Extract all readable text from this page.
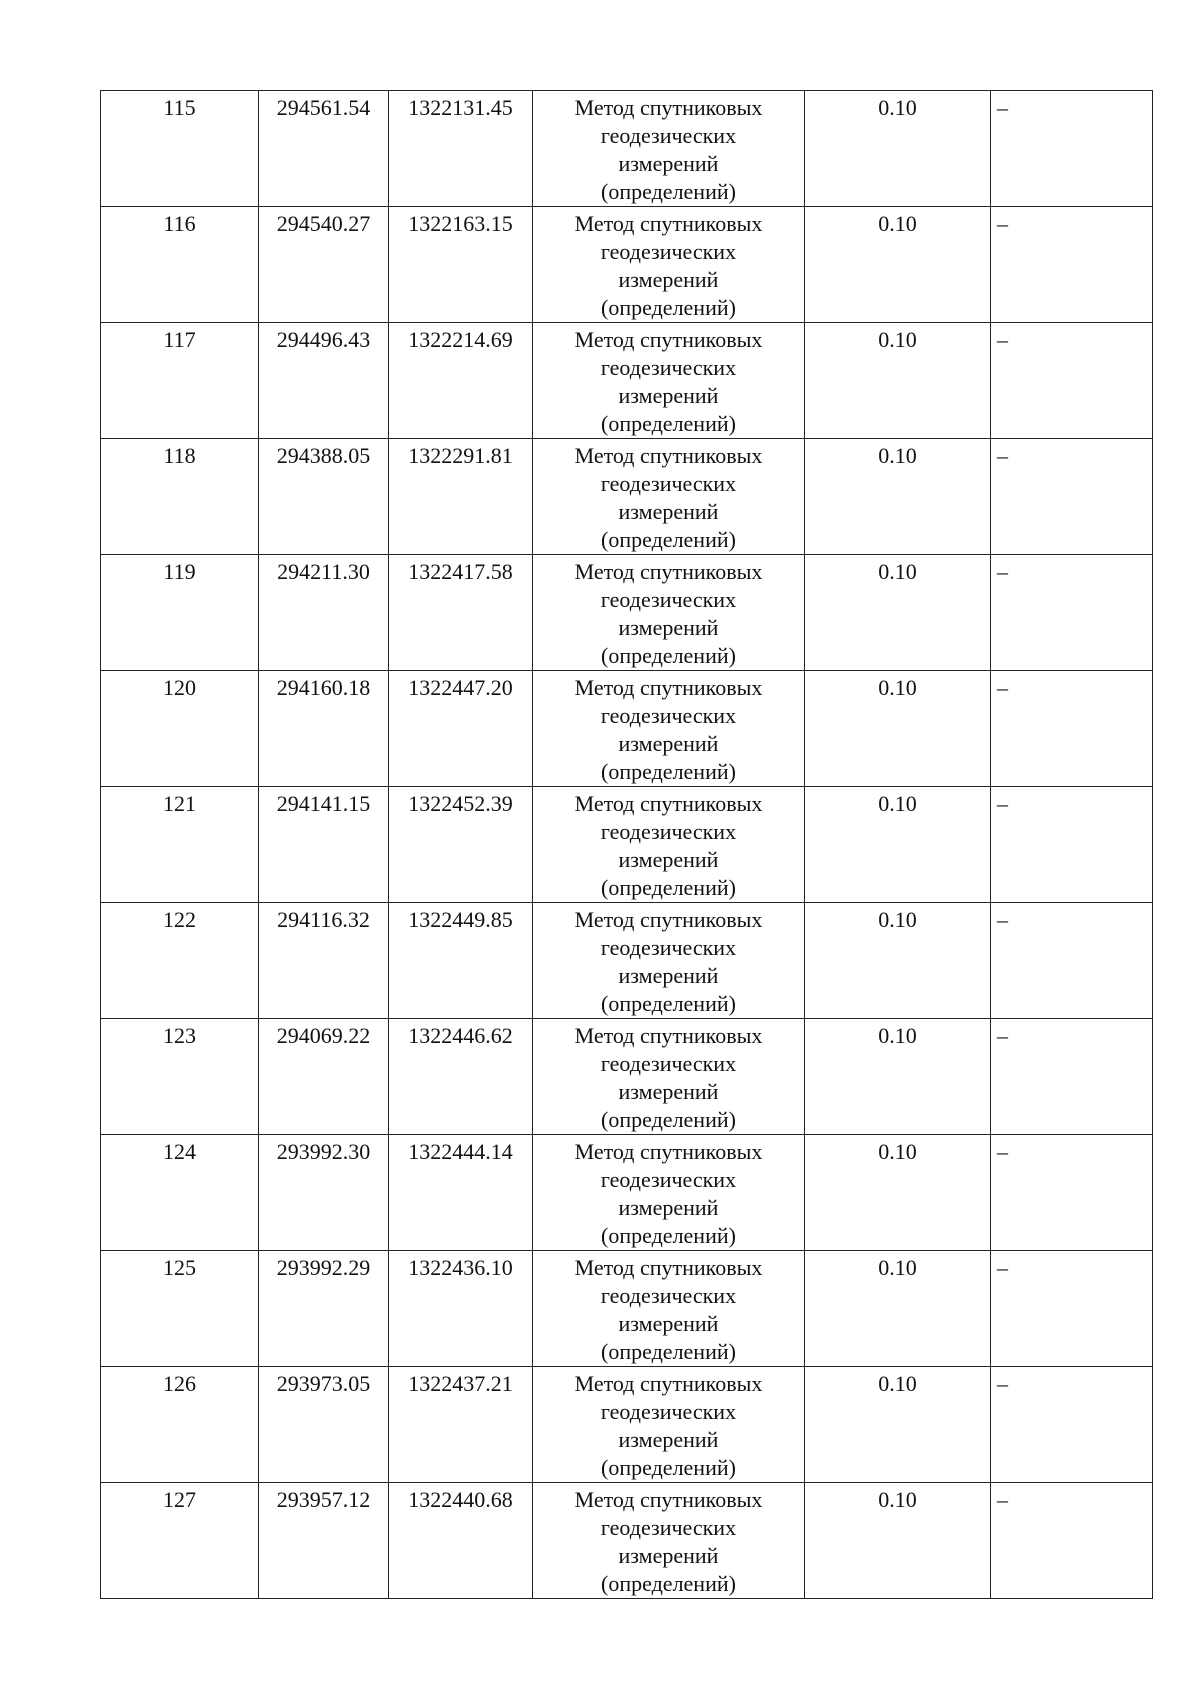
115	294561.54	1322131.45	Метод спутниковых
геодезических
измерений
(определений)	0.10	–
116	294540.27	1322163.15	Метод спутниковых
геодезических
измерений
(определений)	0.10	–
117	294496.43	1322214.69	Метод спутниковых
геодезических
измерений
(определений)	0.10	–
118	294388.05	1322291.81	Метод спутниковых
геодезических
измерений
(определений)	0.10	–
119	294211.30	1322417.58	Метод спутниковых
геодезических
измерений
(определений)	0.10	–
120	294160.18	1322447.20	Метод спутниковых
геодезических
измерений
(определений)	0.10	–
121	294141.15	1322452.39	Метод спутниковых
геодезических
измерений
(определений)	0.10	–
122	294116.32	1322449.85	Метод спутниковых
геодезических
измерений
(определений)	0.10	–
123	294069.22	1322446.62	Метод спутниковых
геодезических
измерений
(определений)	0.10	–
124	293992.30	1322444.14	Метод спутниковых
геодезических
измерений
(определений)	0.10	–
125	293992.29	1322436.10	Метод спутниковых
геодезических
измерений
(определений)	0.10	–
126	293973.05	1322437.21	Метод спутниковых
геодезических
измерений
(определений)	0.10	–
127	293957.12	1322440.68	Метод спутниковых
геодезических
измерений
(определений)	0.10	–
